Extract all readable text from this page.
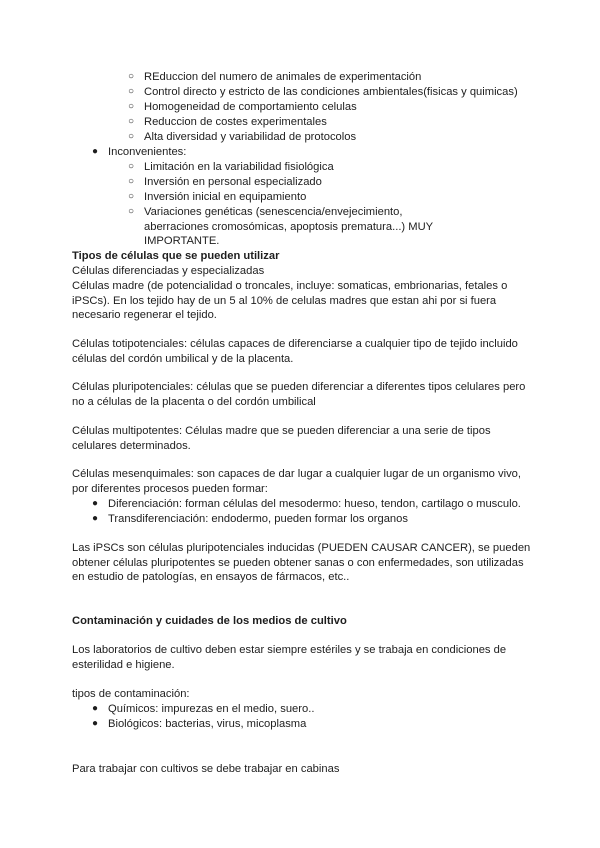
○ REduccion del numero de animales de experimentación
○ Control directo y estricto de las condiciones ambientales(fisicas y quimicas)
○ Homogeneidad de comportamiento celulas
○ Reduccion de costes experimentales
○ Alta diversidad y variabilidad de protocolos
● Inconvenientes:
○ Limitación en la variabilidad fisiológica
○ Inversión en personal especializado
○ Inversión inicial en equipamiento
○ Variaciones genéticas (senescencia/envejecimiento, aberraciones cromosómicas, apoptosis prematura...) MUY IMPORTANTE.

Tipos de células que se pueden utilizar

Células diferenciadas y especializadas

Células madre (de potencialidad o troncales, incluye: somaticas, embrionarias, fetales o iPSCs). En los tejido hay de un 5 al 10% de celulas madres que estan ahi por si fuera necesario regenerar el tejido.

Células totipotenciales: células capaces de diferenciarse a cualquier tipo de tejido incluido células del cordón umbilical y de la placenta.

Células pluripotenciales: células que se pueden diferenciar a diferentes tipos celulares pero no a células de la placenta o del cordón umbilical

Células multipotentes: Células madre que se pueden diferenciar a una serie de tipos celulares determinados.

Células mesenquimales: son capaces de dar lugar a cualquier lugar de un organismo vivo, por diferentes procesos pueden formar:

● Diferenciación: forman células del mesodermo: hueso, tendon, cartilago o musculo.
● Transdiferenciación: endodermo, pueden formar los organos

Las iPSCs son células pluripotenciales inducidas (PUEDEN CAUSAR CANCER), se pueden obtener células pluripotentes se pueden obtener sanas o con enfermedades, son utilizadas en estudio de patologías, en ensayos de fármacos, etc..

Contaminación y cuidades de los medios de cultivo

Los laboratorios de cultivo deben estar siempre estériles y se trabaja en condiciones de esterilidad e higiene.

tipos de contaminación:

● Químicos: impurezas en el medio, suero..
● Biológicos: bacterias, virus, micoplasma

Para trabajar con cultivos se debe trabajar en cabinas
